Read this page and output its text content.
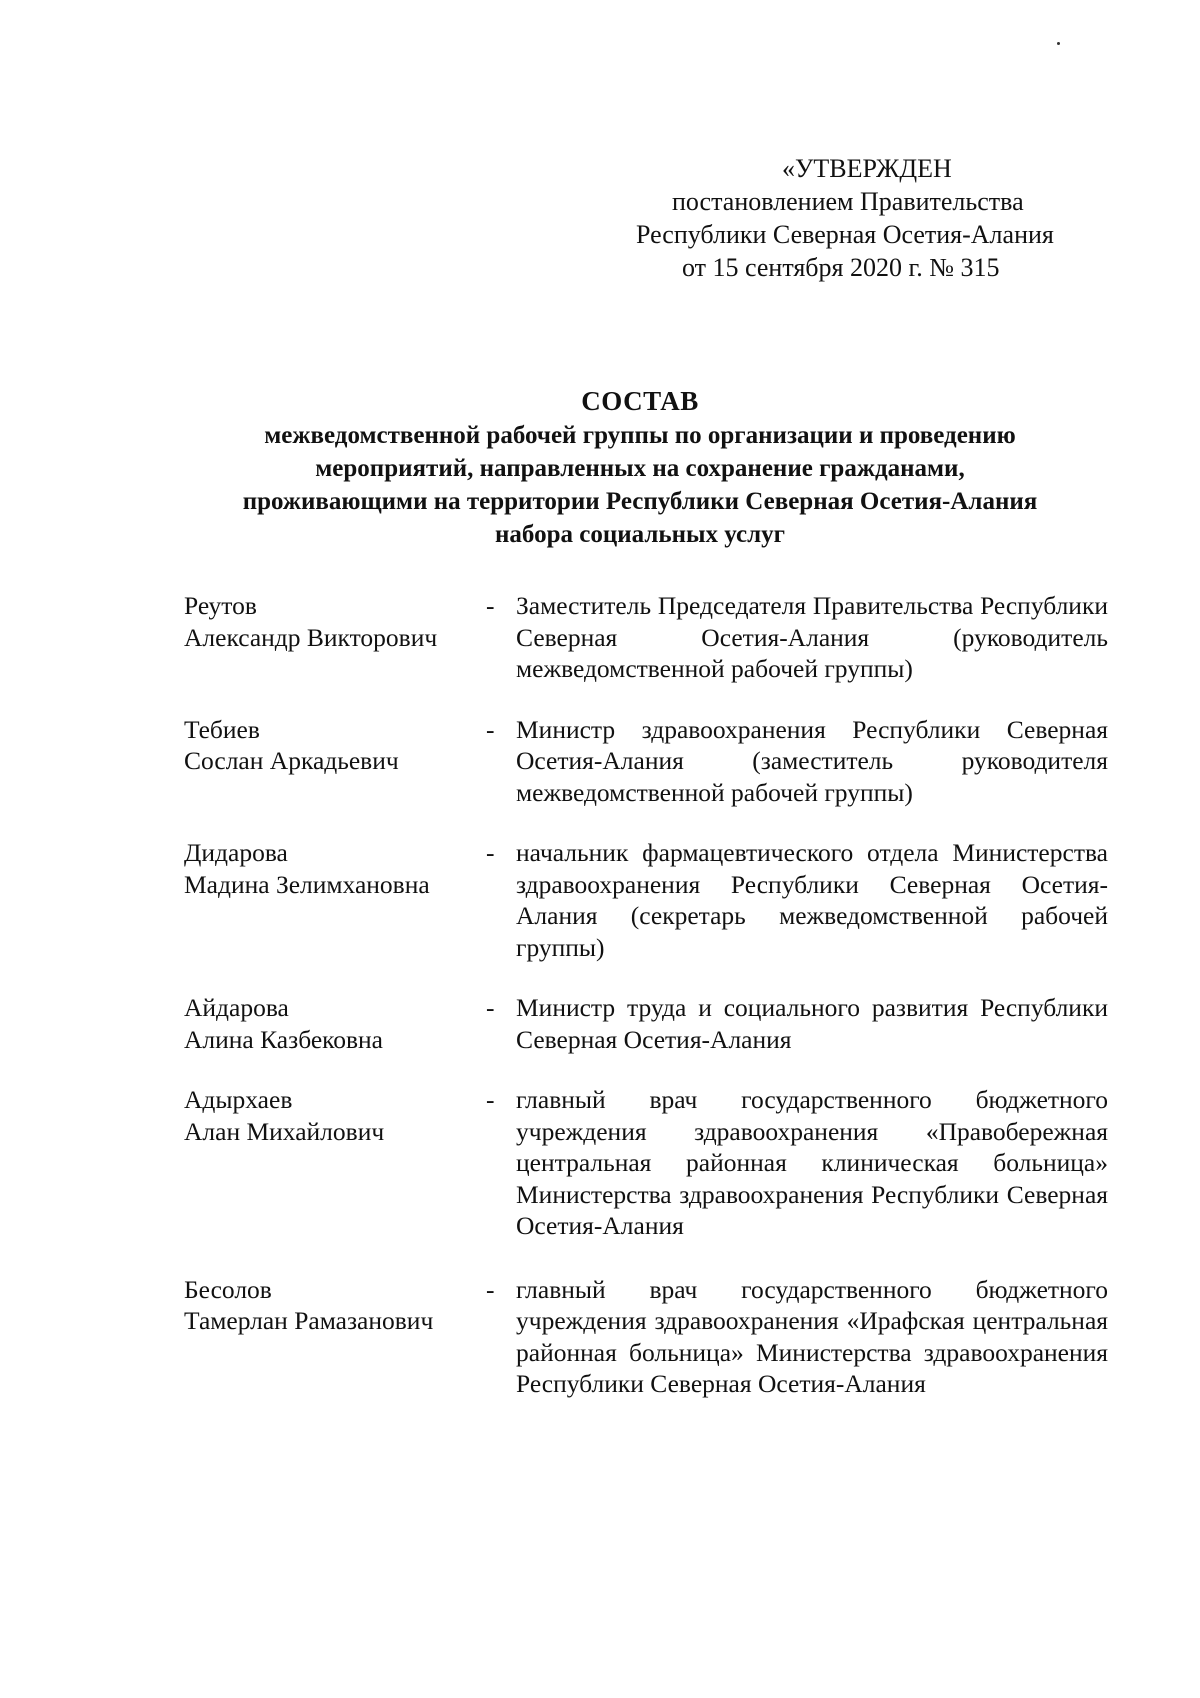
«УТВЕРЖДЕН
постановлением Правительства
Республики Северная Осетия-Алания
от 15 сентября 2020 г. № 315
СОСТАВ
межведомственной рабочей группы по организации и проведению
мероприятий, направленных на сохранение гражданами,
проживающими на территории Республики Северная Осетия-Алания
набора социальных услуг
Реутов
Александр Викторович
- Заместитель Председателя Правительства Республики Северная Осетия-Алания (руководитель межведомственной рабочей группы)
Тебиев
Сослан Аркадьевич
- Министр здравоохранения Республики Северная Осетия-Алания (заместитель руководителя межведомственной рабочей группы)
Дидарова
Мадина Зелимхановна
- начальник фармацевтического отдела Министерства здравоохранения Республики Северная Осетия-Алания (секретарь межведомственной рабочей группы)
Айдарова
Алина Казбековна
- Министр труда и социального развития Республики Северная Осетия-Алания
Адырхаев
Алан Михайлович
- главный врач государственного бюджетного учреждения здравоохранения «Правобережная центральная районная клиническая больница» Министерства здравоохранения Республики Северная Осетия-Алания
Бесолов
Тамерлан Рамазанович
- главный врач государственного бюджетного учреждения здравоохранения «Ирафская центральная районная больница» Министерства здравоохранения Республики Северная Осетия-Алания
